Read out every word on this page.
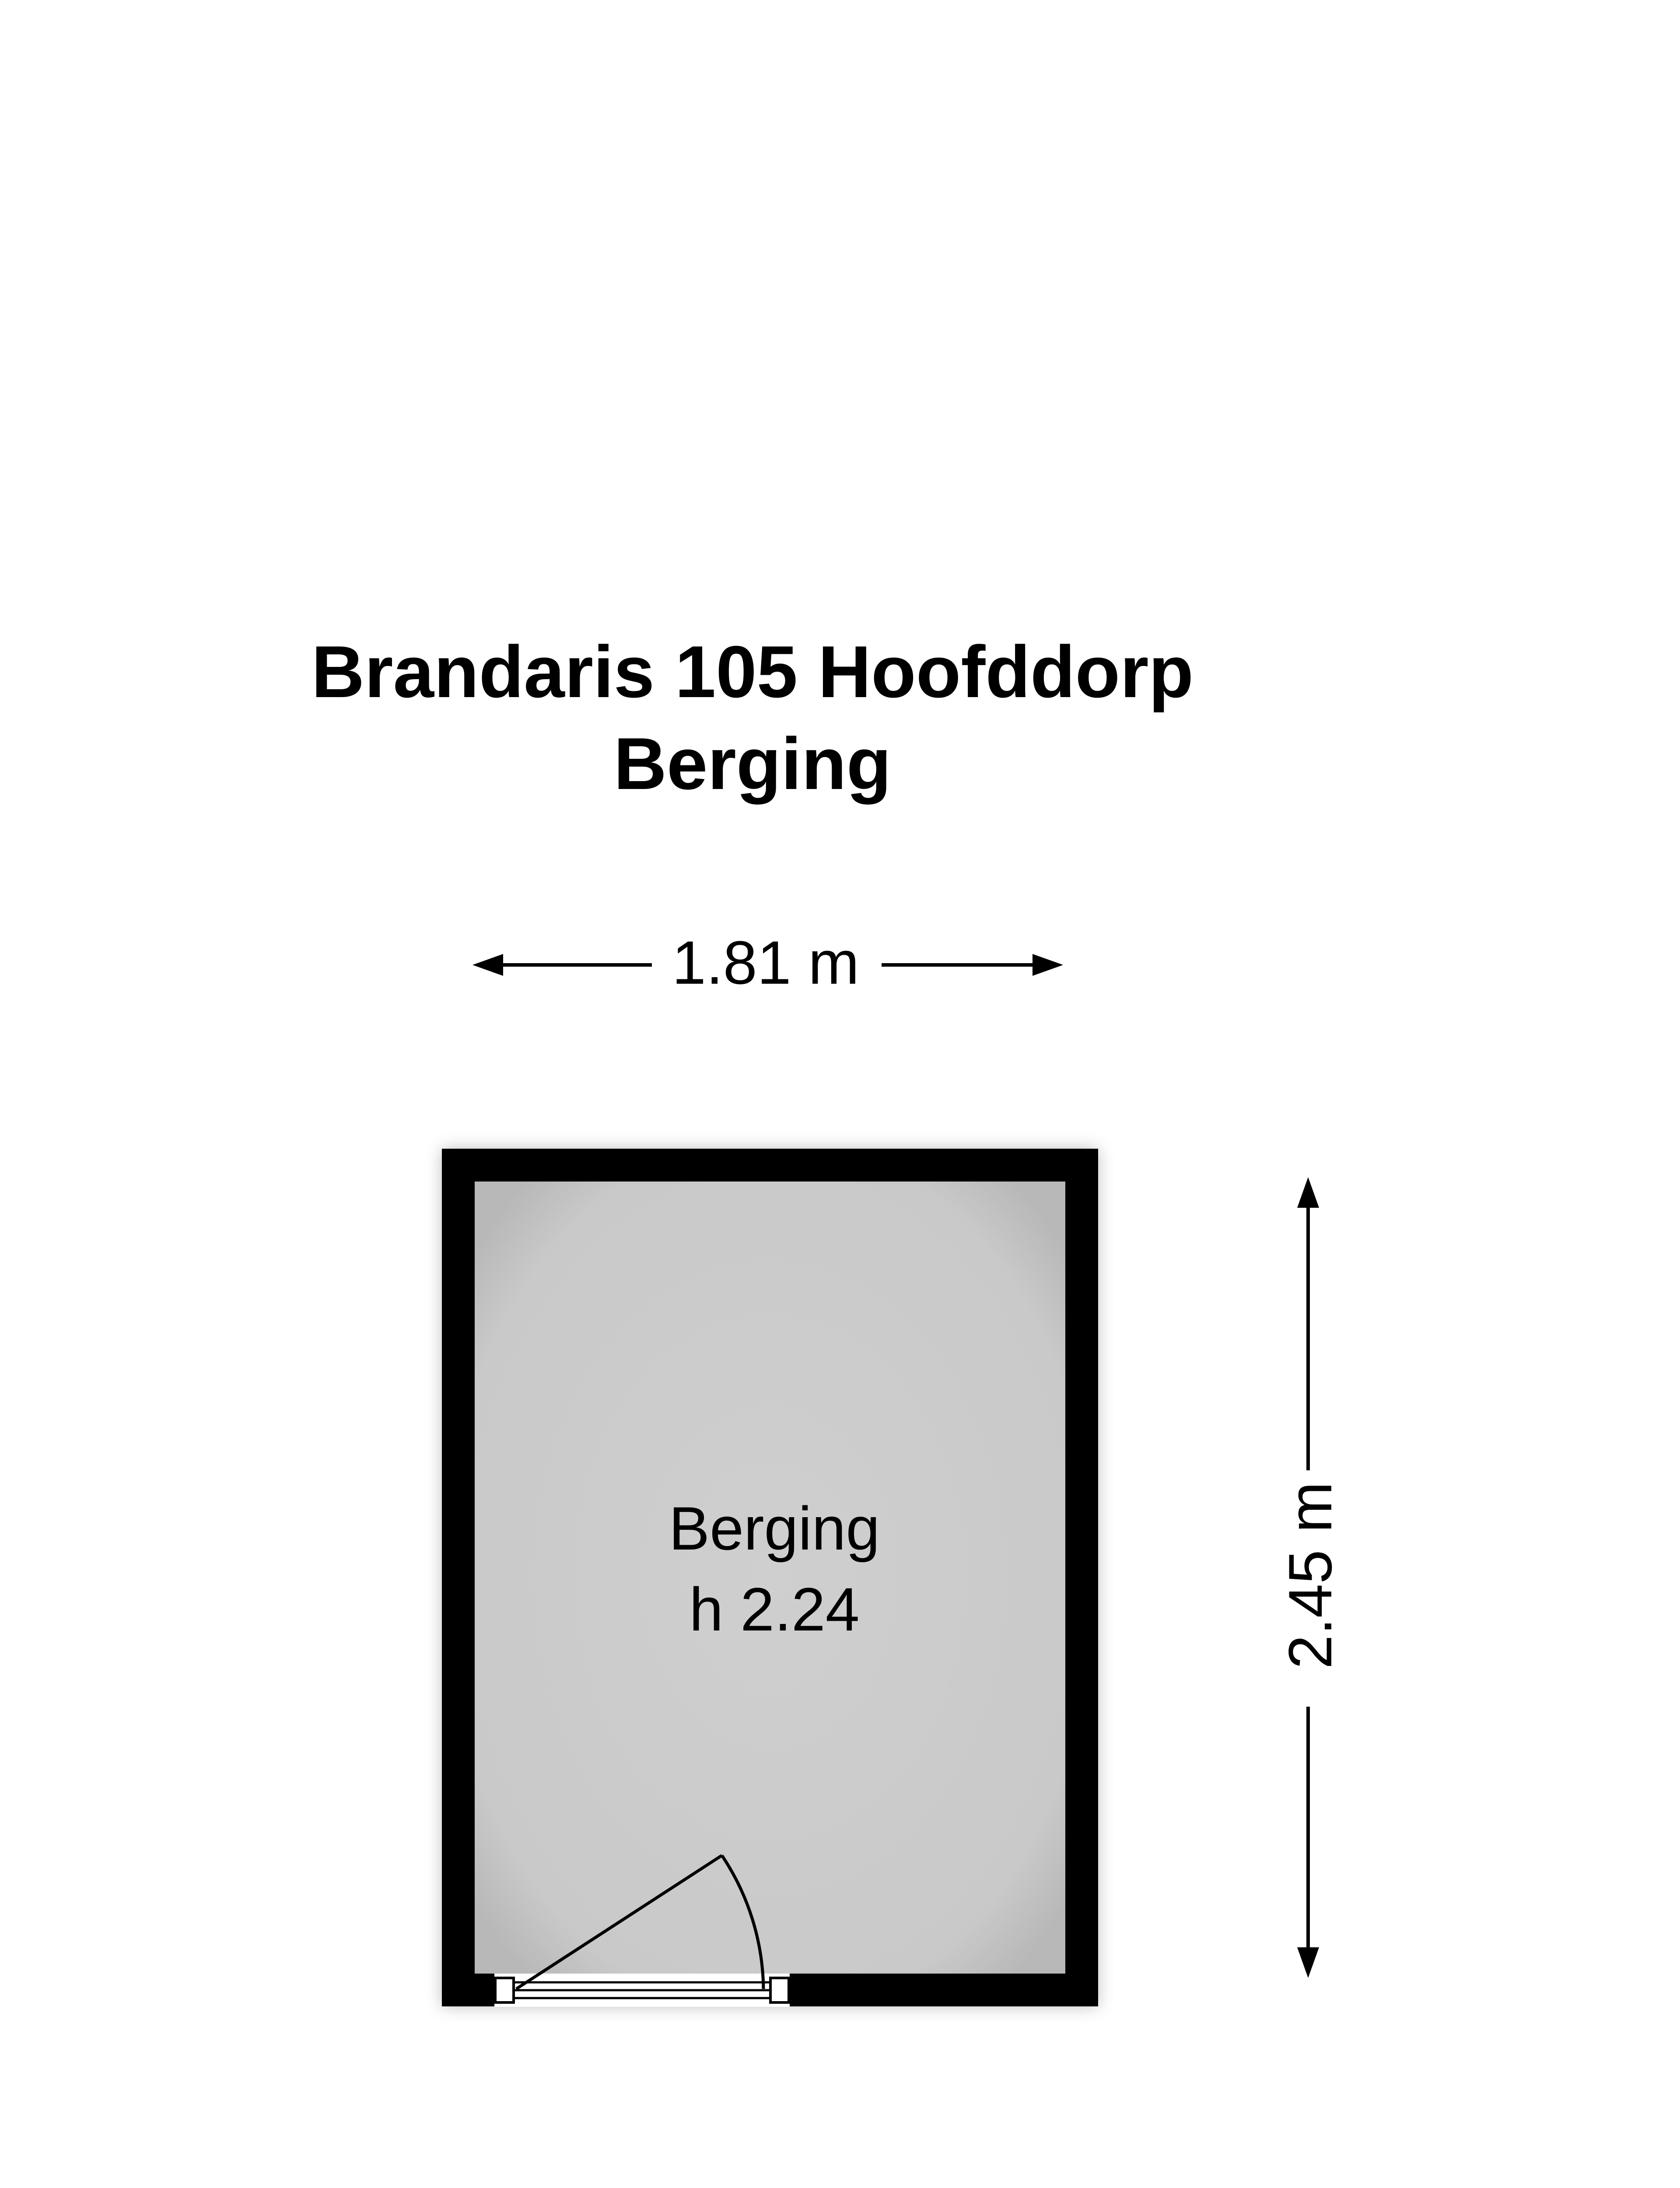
Brandaris 105 Hoofddorp
Berging
1.81 m
2.45 m
Berging
h 2.24
